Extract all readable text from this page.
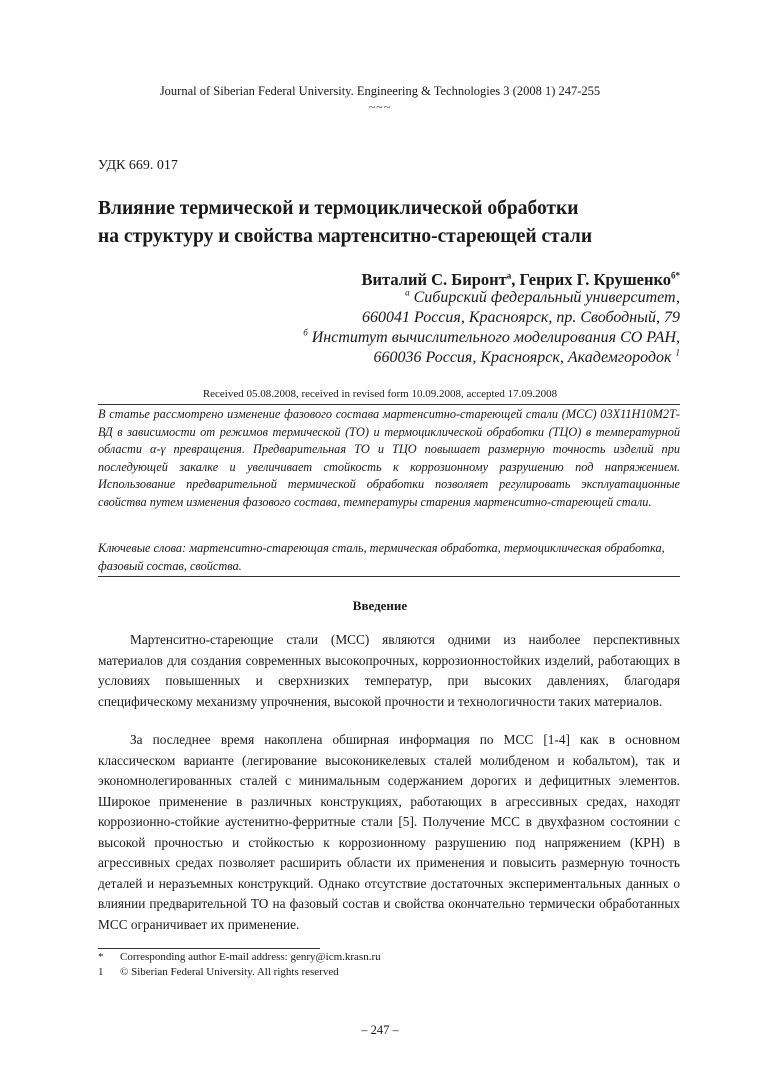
Journal of Siberian Federal University. Engineering & Technologies 3 (2008 1) 247-255
~~~
УДК 669. 017
Влияние термической и термоциклической обработки
на структуру и свойства мартенситно-стареющей стали
Виталий С. Биронт$^а$, Генрих Г. Крушенко$^{б*}$
$^а$ Сибирский федеральный университет,
660041 Россия, Красноярск, пр. Свободный, 79
$^б$ Институт вычислительного моделирования СО РАН,
660036 Россия, Красноярск, Академгородок $^1$
Received 05.08.2008, received in revised form 10.09.2008, accepted 17.09.2008

В статье рассмотрено изменение фазового состава мартенситно-стареющей стали (МСС) 03Х11Н10М2Т-ВД в зависимости от режимов термической (ТО) и термоциклической обработки (ТЦО) в температурной области α-γ превращения. Предварительная ТО и ТЦО повышает размерную точность изделий при последующей закалке и увеличивает стойкость к коррозионному разрушению под напряжением. Использование предварительной термической обработки позволяет регулировать эксплуатационные свойства путем изменения фазового состава, температуры старения мартенситно-стареющей стали.

Ключевые слова: мартенситно-стареющая сталь, термическая обработка, термоциклическая обработка, фазовый состав, свойства.

Введение

Мартенситно-стареющие стали (МСС) являются одними из наиболее перспективных материалов для создания современных высокопрочных, коррозионностойких изделий, работающих в условиях повышенных и сверхнизких температур, при высоких давлениях, благодаря специфическому механизму упрочнения, высокой прочности и технологичности таких материалов.

За последнее время накоплена обширная информация по МСС [1-4] как в основном классическом варианте (легирование высоконикелевых сталей молибденом и кобальтом), так и экономнолегированных сталей с минимальным содержанием дорогих и дефицитных элементов. Широкое применение в различных конструкциях, работающих в агрессивных средах, находят коррозионно-стойкие аустенитно-ферритные стали [5]. Получение МСС в двухфазном состоянии с высокой прочностью и стойкостью к коррозионному разрушению под напряжением (КРН) в агрессивных средах позволяет расширить области их применения и повысить размерную точность деталей и неразъемных конструкций. Однако отсутствие достаточных экспериментальных данных о влиянии предварительной ТО на фазовый состав и свойства окончательно термически обработанных МСС ограничивает их применение.

* Corresponding author E-mail address: genry@icm.krasn.ru
1 © Siberian Federal University. All rights reserved
– 247 –
